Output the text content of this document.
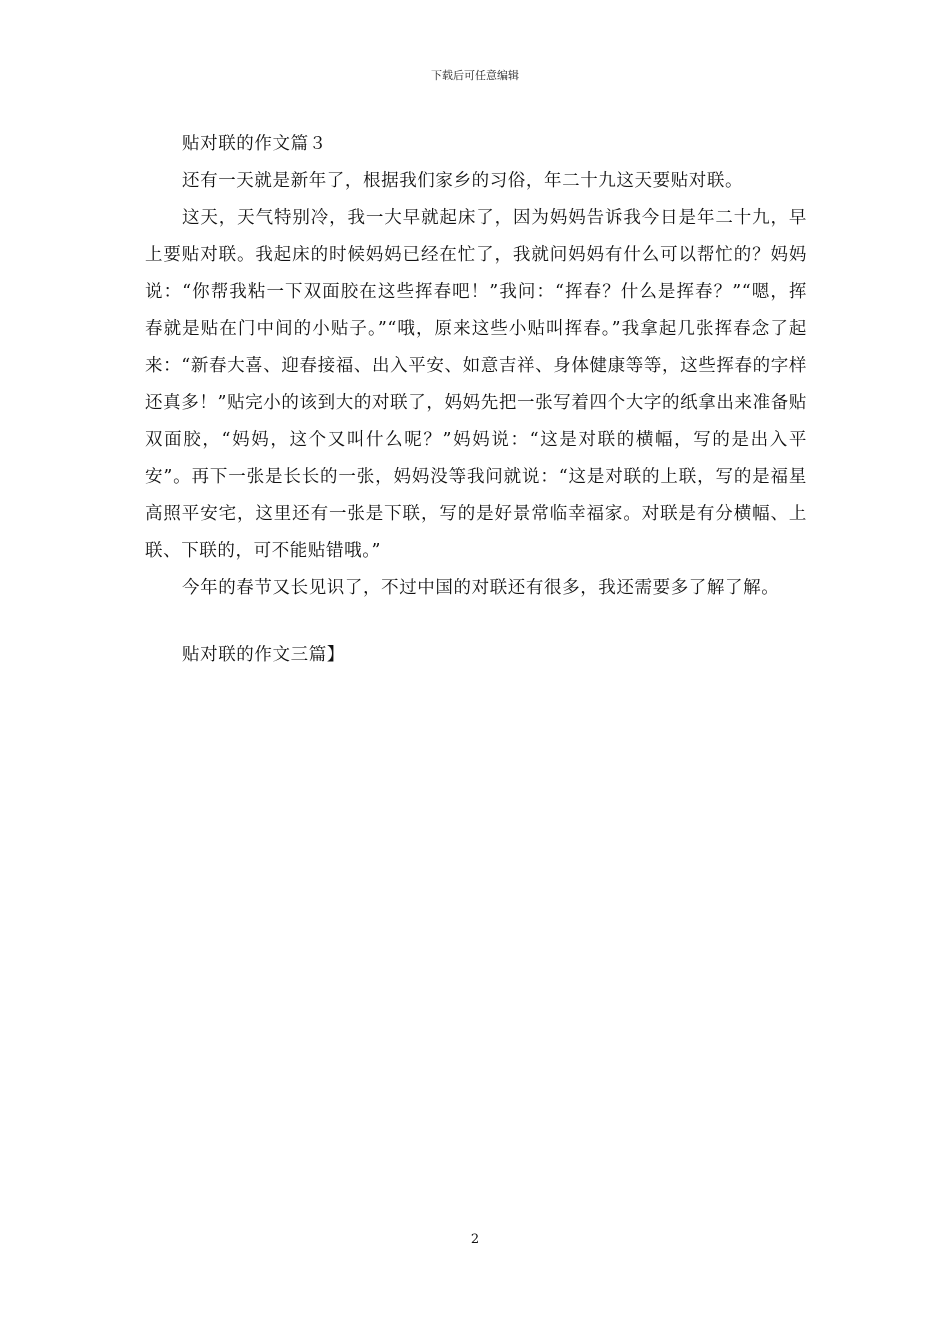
下载后可任意编辑

贴对联的作文篇３

还有一天就是新年了，根据我们家乡的习俗，年二十九这天要贴对联。

这天，天气特别冷，我一大早就起床了，因为妈妈告诉我今日是年二十九，早上要贴对联。我起床的时候妈妈已经在忙了，我就问妈妈有什么可以帮忙的？妈妈说：“你帮我粘一下双面胶在这些挥春吧！”我问：“挥春？什么是挥春？”“嗯，挥春就是贴在门中间的小贴子。”“哦，原来这些小贴叫挥春。”我拿起几张挥春念了起来：“新春大喜、迎春接福、出入平安、如意吉祥、身体健康等等，这些挥春的字样还真多！”贴完小的该到大的对联了，妈妈先把一张写着四个大字的纸拿出来准备贴双面胶，“妈妈，这个又叫什么呢？”妈妈说：“这是对联的横幅，写的是出入平安”。再下一张是长长的一张，妈妈没等我问就说：“这是对联的上联，写的是福星高照平安宅，这里还有一张是下联，写的是好景常临幸福家。对联是有分横幅、上联、下联的，可不能贴错哦。”

今年的春节又长见识了，不过中国的对联还有很多，我还需要多了解了解。

贴对联的作文三篇】

2
